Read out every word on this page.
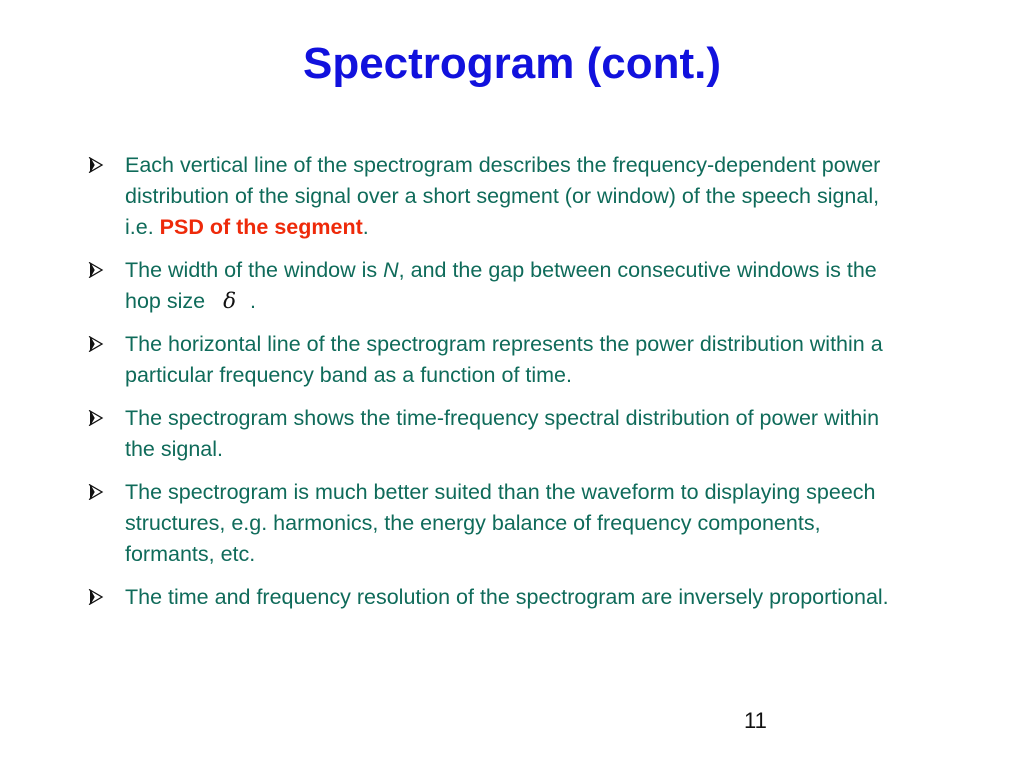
Spectrogram (cont.)
Each vertical line of the spectrogram describes the frequency-dependent power distribution of the signal over a short segment (or window) of the speech signal, i.e. PSD of the segment.
The width of the window is N, and the gap between consecutive windows is the hop size δ .
The horizontal line of the spectrogram represents the power distribution within a particular frequency band as a function of time.
The spectrogram shows the time-frequency spectral distribution of power within the signal.
The spectrogram is much better suited than the waveform to displaying speech structures, e.g. harmonics, the energy balance of frequency components, formants, etc.
The time and frequency resolution of the spectrogram are inversely proportional.
11
